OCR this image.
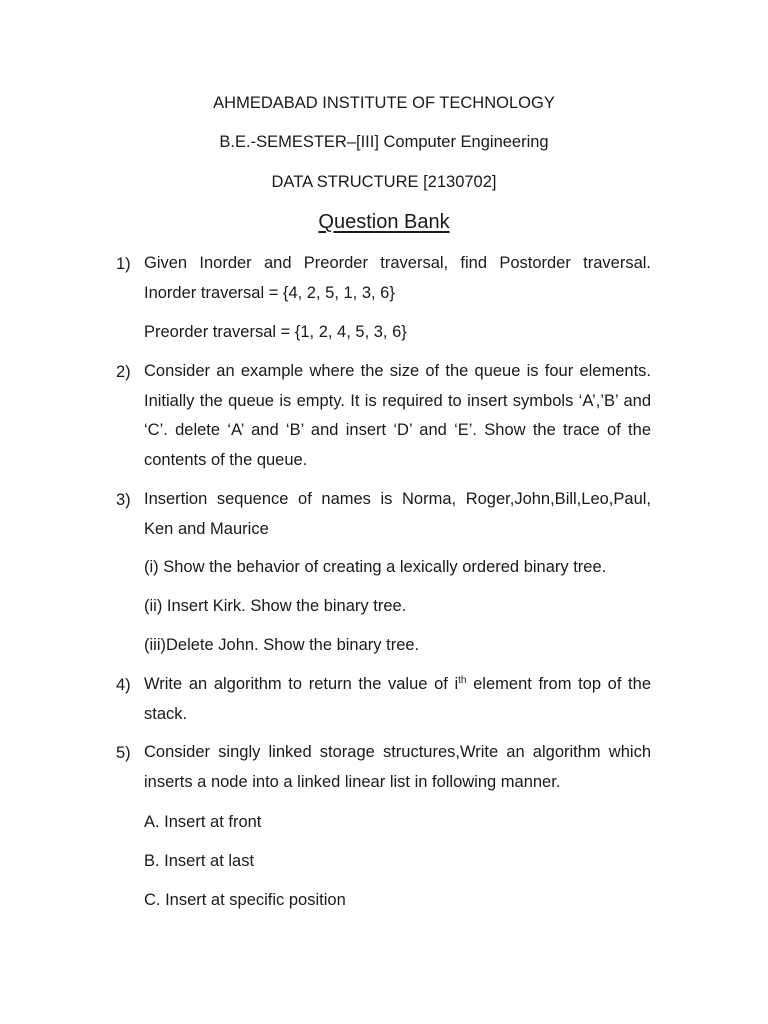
AHMEDABAD INSTITUTE OF TECHNOLOGY
B.E.-SEMESTER–[III] Computer Engineering
DATA STRUCTURE [2130702]
Question Bank
1) Given Inorder and Preorder traversal, find Postorder traversal. Inorder traversal = {4, 2, 5, 1, 3, 6}
Preorder traversal = {1, 2, 4, 5, 3, 6}
2) Consider an example where the size of the queue is four elements. Initially the queue is empty. It is required to insert symbols ‘A’,’B’ and ‘C’. delete ‘A’ and ‘B’ and insert ‘D’ and ‘E’. Show the trace of the contents of the queue.
3) Insertion sequence of names is Norma, Roger,John,Bill,Leo,Paul, Ken and Maurice
(i) Show the behavior of creating a lexically ordered binary tree.
(ii) Insert Kirk. Show the binary tree.
(iii)Delete John. Show the binary tree.
4) Write an algorithm to return the value of $i^{th}$ element from top of the stack.
5) Consider singly linked storage structures,Write an algorithm which inserts a node into a linked linear list in following manner.
A. Insert at front
B. Insert at last
C. Insert at specific position
